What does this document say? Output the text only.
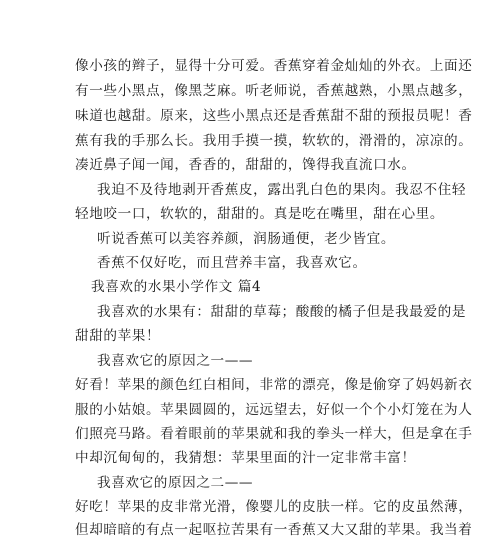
像小孩的辫子，显得十分可爱。香蕉穿着金灿灿的外衣。上面还
有一些小黑点，像黑芝麻。听老师说，香蕉越熟，小黑点越多，
味道也越甜。原来，这些小黑点还是香蕉甜不甜的预报员呢！香
蕉有我的手那么长。我用手摸一摸，软软的，滑滑的，凉凉的。
凑近鼻子闻一闻，香香的，甜甜的，馋得我直流口水。
我迫不及待地剥开香蕉皮，露出乳白色的果肉。我忍不住轻
轻地咬一口，软软的，甜甜的。真是吃在嘴里，甜在心里。
听说香蕉可以美容养颜，润肠通便，老少皆宜。
香蕉不仅好吃，而且营养丰富，我喜欢它。
我喜欢的水果小学作文 篇4
我喜欢的水果有：甜甜的草莓；酸酸的橘子但是我最爱的是
甜甜的苹果！
我喜欢它的原因之一——
好看！苹果的颜色红白相间，非常的漂亮，像是偷穿了妈妈新衣
服的小姑娘。苹果圆圆的，远远望去，好似一个个小灯笼在为人
们照亮马路。看着眼前的苹果就和我的拳头一样大，但是拿在手
中却沉甸甸的，我猜想：苹果里面的汁一定非常丰富！
我喜欢它的原因之二——
好吃！苹果的皮非常光滑，像婴儿的皮肤一样。它的皮虽然薄，
但却暗暗的有点一起呕拉苦果有一香蕉又大又甜的苹果。我当着
